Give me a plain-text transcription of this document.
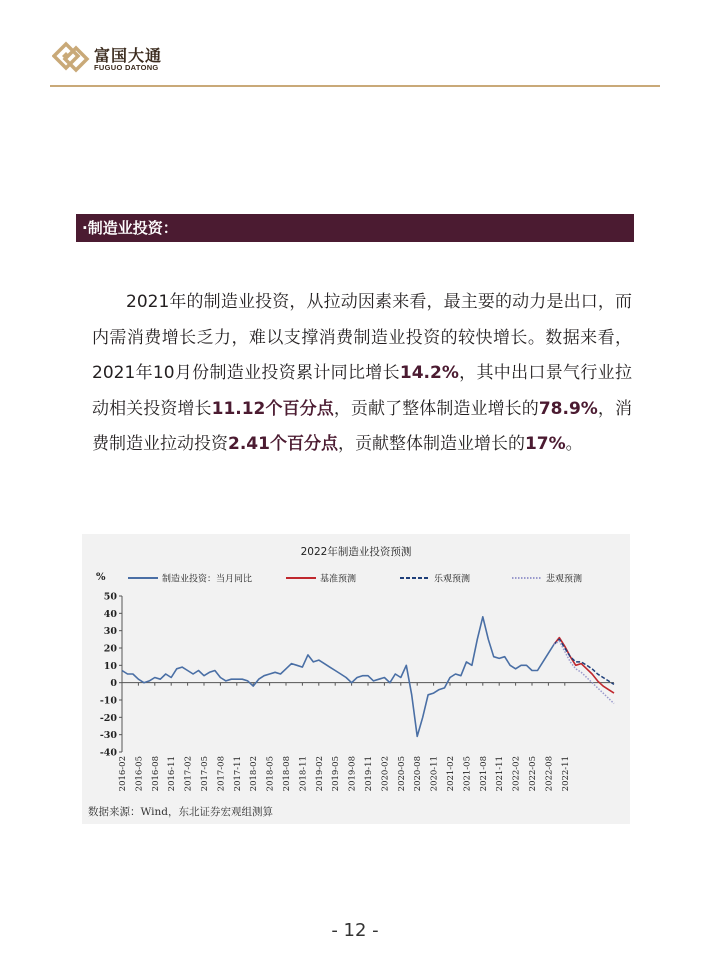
富国大通
FUGUO DATONG
·制造业投资：

2021年的制造业投资，从拉动因素来看，最主要的动力是出口，而内需消费增长乏力，难以支撑消费制造业投资的较快增长。数据来看，2021年10月份制造业投资累计同比增长14.2%，其中出口景气行业拉动相关投资增长11.12个百分点，贡献了整体制造业增长的78.9%，消费制造业拉动投资2.41个百分点，贡献整体制造业增长的17%。

2022年制造业投资预测
%
50
40
30
20
10
0
-10
-20
-30
-40
2016-02 2016-05 2016-08 2016-11 2017-02 2017-05 2017-08 2017-11 2018-02 2018-05 2018-08 2018-11 2019-02 2019-05 2019-08 2019-11 2020-02 2020-05 2020-08 2020-11 2021-02 2021-05 2021-08 2021-11 2022-02 2022-05 2022-08 2022-11
制造业投资：当月同比	基准预测	乐观预测	悲观预测
数据来源：Wind，东北证券宏观组测算
- 12 -
